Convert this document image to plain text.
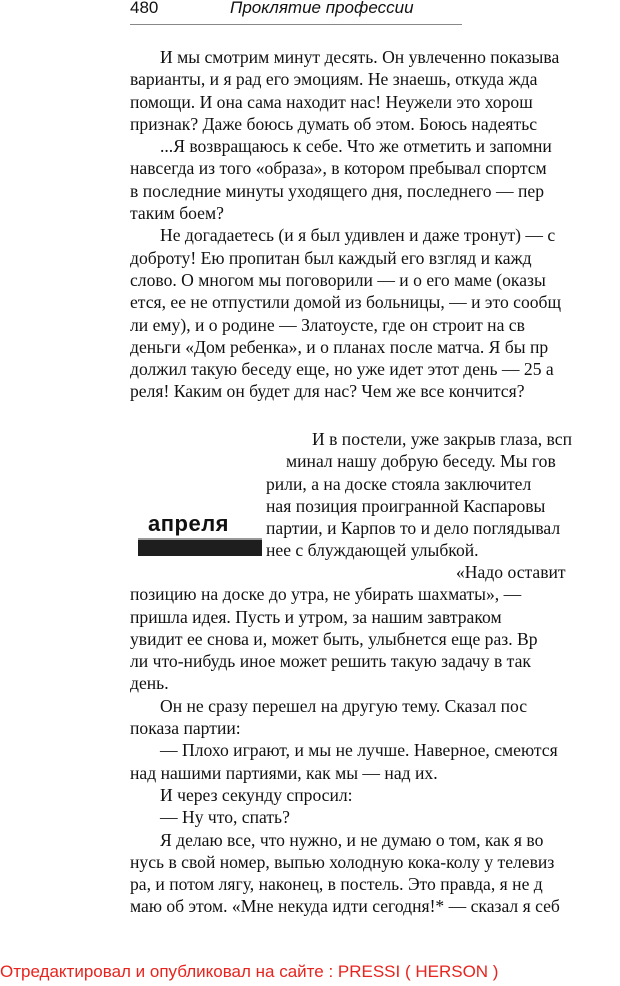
480	Проклятие профессии
И мы смотрим минут десять. Он увлеченно показыва
варианты, и я рад его эмоциям. Не знаешь, откуда жда
помощи. И она сама находит нас! Неужели это хорош
признак? Даже боюсь думать об этом. Боюсь надеятьс
...Я возвращаюсь к себе. Что же отметить и запомни
навсегда из того «образа», в котором пребывал спортсм
в последние минуты уходящего дня, последнего — пер
таким боем?
Не догадаетесь (и я был удивлен и даже тронут) — с
доброту! Ею пропитан был каждый его взгляд и кажд
слово. О многом мы поговорили — и о его маме (оказы
ется, ее не отпустили домой из больницы, — и это сообщ
ли ему), и о родине — Златоусте, где он строит на св
деньги «Дом ребенка», и о планах после матча. Я бы пр
должил такую беседу еще, но уже идет этот день — 25 а
реля! Каким он будет для нас? Чем же все кончится?
апреля
И в постели, уже закрыв глаза, всп
минал нашу добрую беседу. Мы гов
рили, а на доске стояла заключител
ная позиция проигранной Каспаровы
партии, и Карпов то и дело поглядывал
нее с блуждающей улыбкой.
«Надо оставит
позицию на доске до утра, не убирать шахматы», —
пришла идея. Пусть и утром, за нашим завтраком
увидит ее снова и, может быть, улыбнется еще раз. Вр
ли что-нибудь иное может решить такую задачу в так
день.
Он не сразу перешел на другую тему. Сказал пос
показа партии:
— Плохо играют, и мы не лучше. Наверное, смеются
над нашими партиями, как мы — над их.
И через секунду спросил:
— Ну что, спать?
Я делаю все, что нужно, и не думаю о том, как я во
нусь в свой номер, выпью холодную кока-колу у телевиз
ра, и потом лягу, наконец, в постель. Это правда, я не д
маю об этом. «Мне некуда идти сегодня!* — сказал я себ
Отредактировал и опубликовал на сайте : PRESSI ( HERSON )
